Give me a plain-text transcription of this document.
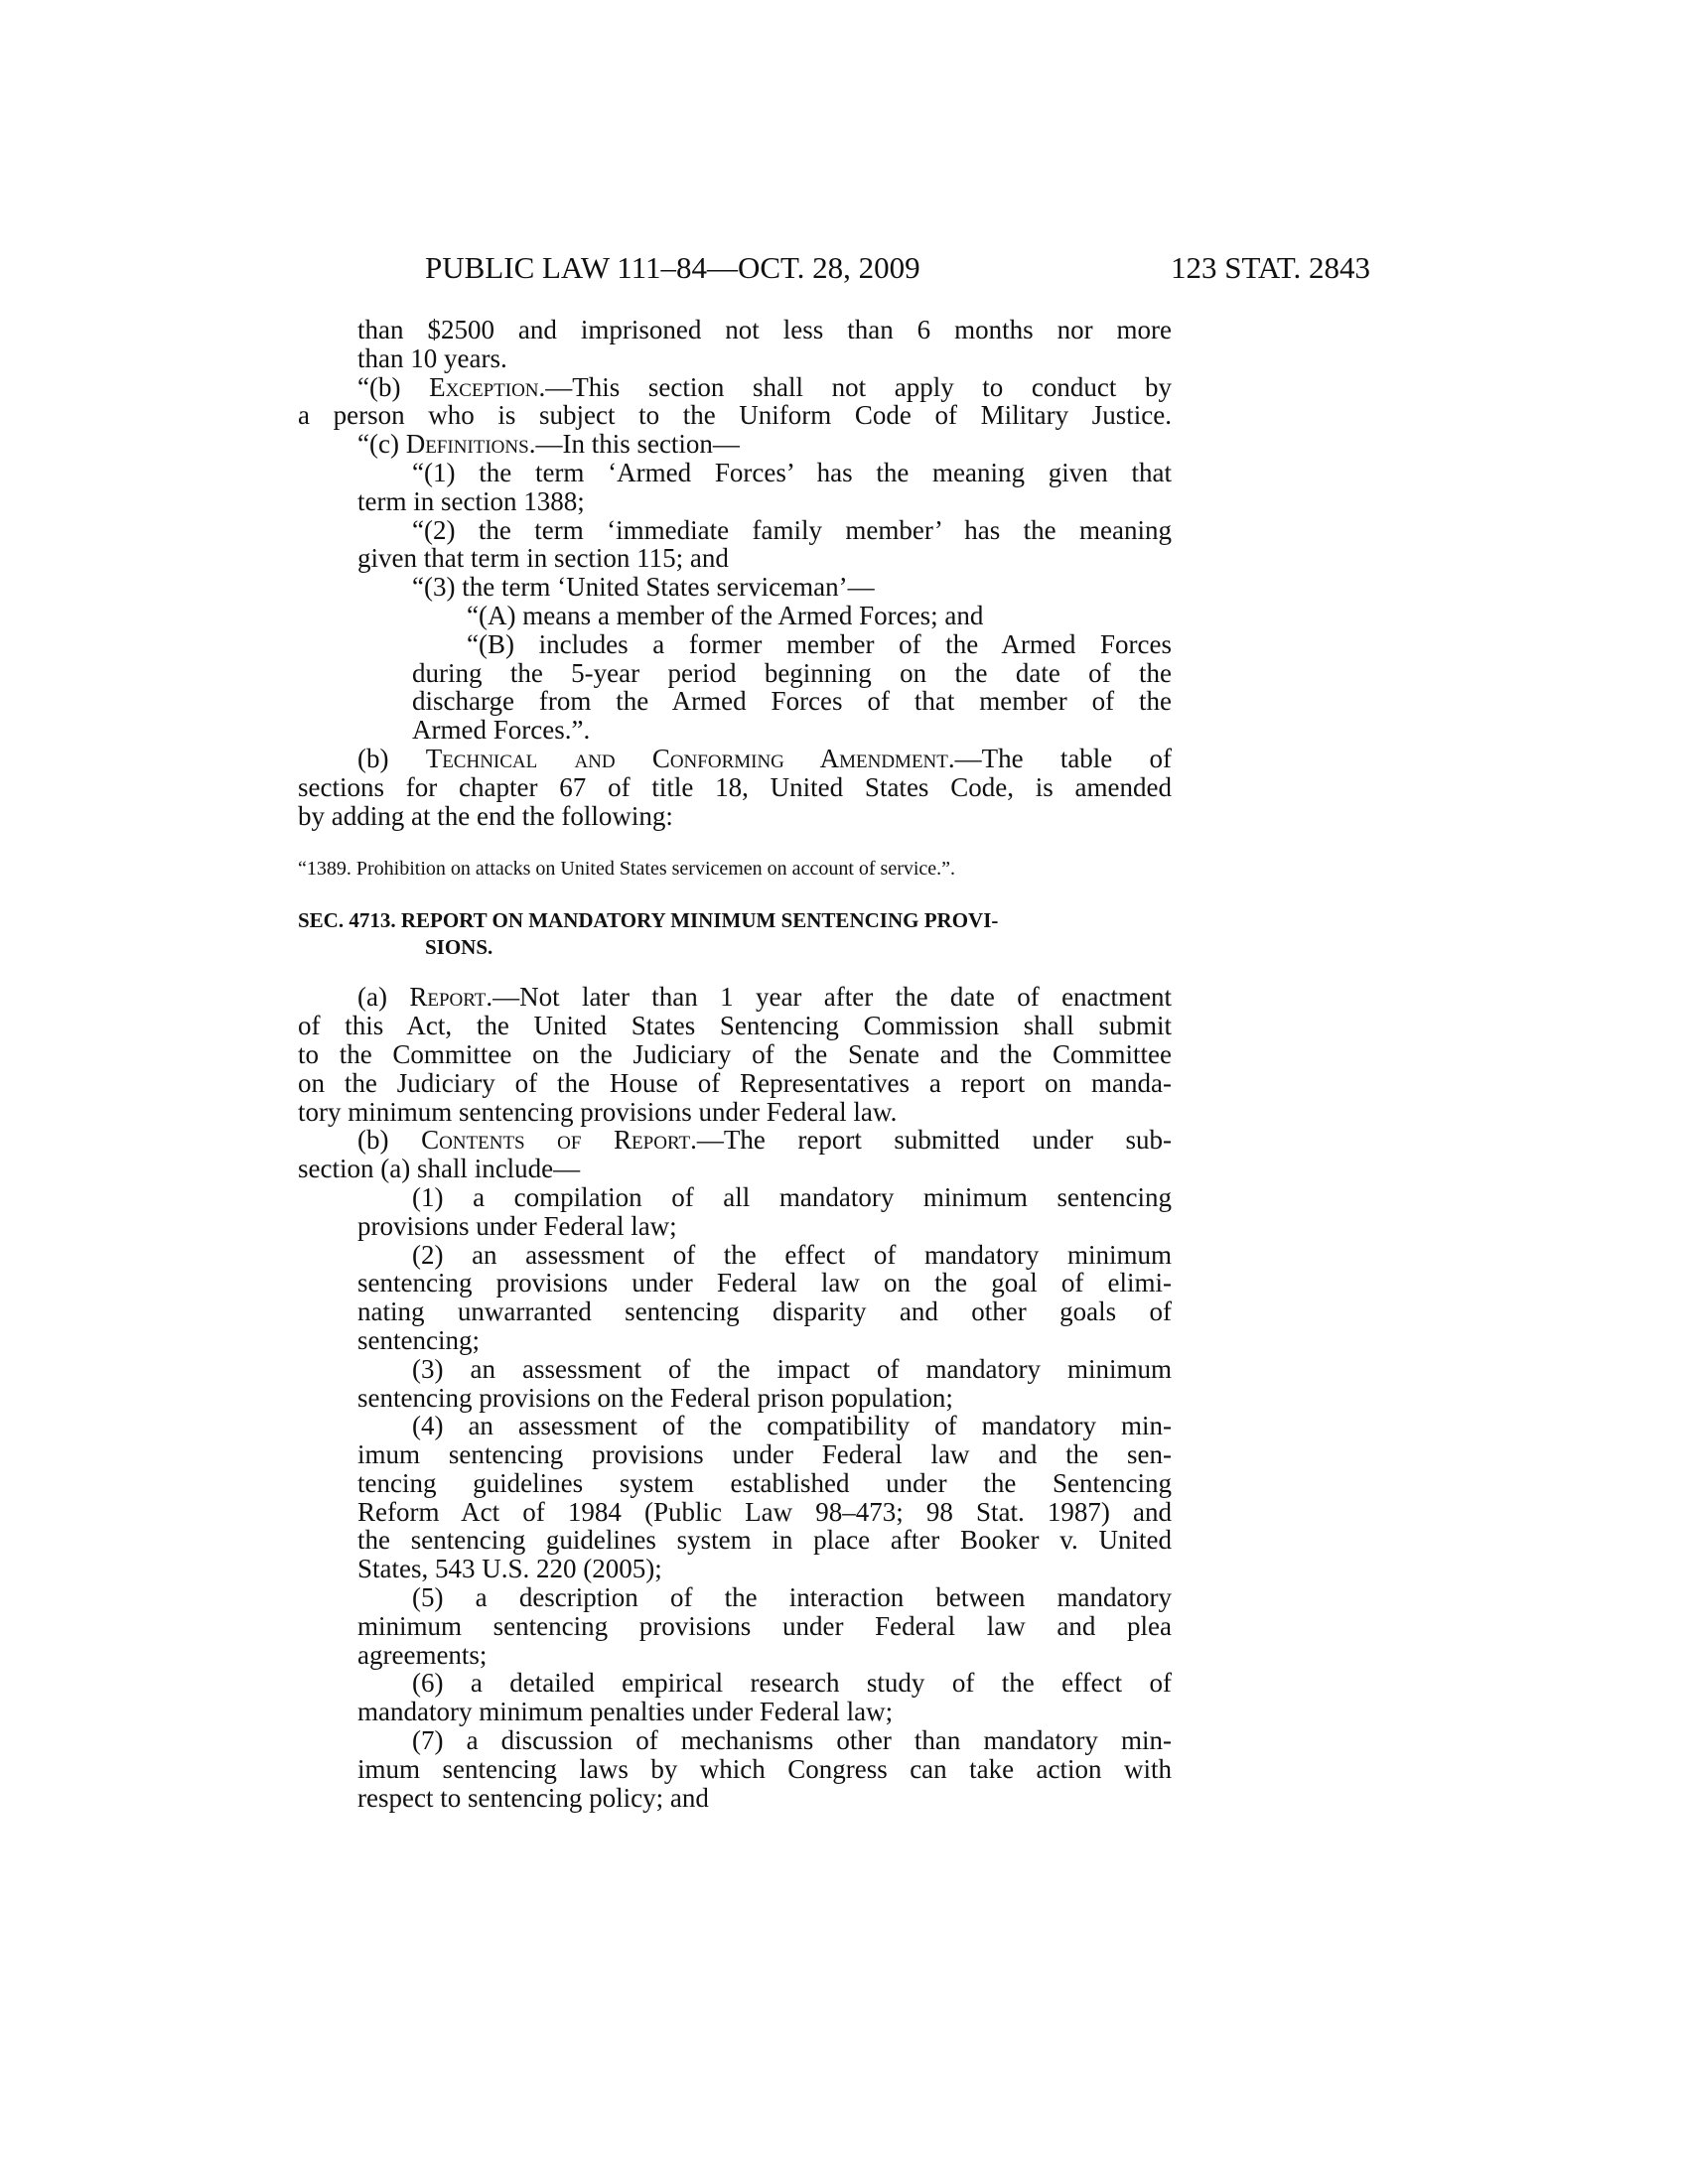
PUBLIC LAW 111–84—OCT. 28, 2009	123 STAT. 2843
than $2500 and imprisoned not less than 6 months nor more
than 10 years.
“(b) Exception.—This section shall not apply to conduct by
a person who is subject to the Uniform Code of Military Justice.
“(c) Definitions.—In this section—
“(1) the term ‘Armed Forces’ has the meaning given that
term in section 1388;
“(2) the term ‘immediate family member’ has the meaning
given that term in section 115; and
“(3) the term ‘United States serviceman’—
“(A) means a member of the Armed Forces; and
“(B) includes a former member of the Armed Forces
during the 5-year period beginning on the date of the
discharge from the Armed Forces of that member of the
Armed Forces.”.
(b) Technical and Conforming Amendment.—The table of
sections for chapter 67 of title 18, United States Code, is amended
by adding at the end the following:
“1389. Prohibition on attacks on United States servicemen on account of service.”.
SEC. 4713. REPORT ON MANDATORY MINIMUM SENTENCING PROVI-
SIONS.
(a) Report.—Not later than 1 year after the date of enactment
of this Act, the United States Sentencing Commission shall submit
to the Committee on the Judiciary of the Senate and the Committee
on the Judiciary of the House of Representatives a report on manda-
tory minimum sentencing provisions under Federal law.
(b) Contents of Report.—The report submitted under sub-
section (a) shall include—
(1) a compilation of all mandatory minimum sentencing
provisions under Federal law;
(2) an assessment of the effect of mandatory minimum
sentencing provisions under Federal law on the goal of elimi-
nating unwarranted sentencing disparity and other goals of
sentencing;
(3) an assessment of the impact of mandatory minimum
sentencing provisions on the Federal prison population;
(4) an assessment of the compatibility of mandatory min-
imum sentencing provisions under Federal law and the sen-
tencing guidelines system established under the Sentencing
Reform Act of 1984 (Public Law 98–473; 98 Stat. 1987) and
the sentencing guidelines system in place after Booker v. United
States, 543 U.S. 220 (2005);
(5) a description of the interaction between mandatory
minimum sentencing provisions under Federal law and plea
agreements;
(6) a detailed empirical research study of the effect of
mandatory minimum penalties under Federal law;
(7) a discussion of mechanisms other than mandatory min-
imum sentencing laws by which Congress can take action with
respect to sentencing policy; and
